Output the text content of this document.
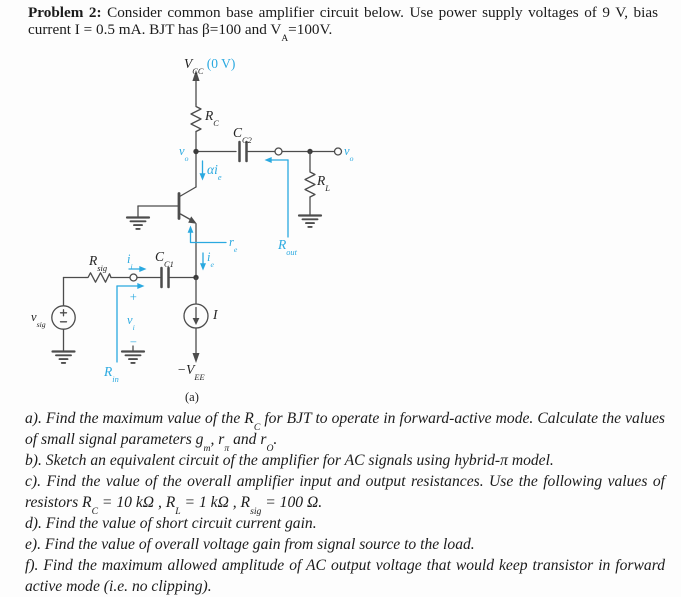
Problem 2: Consider common base amplifier circuit below. Use power supply voltages of 9 V, bias current I = 0.5 mA. BJT has β=100 and $V_A=100V$.
$V_{CC}$ (0 V)
$R_C$
$C_{C2}$
$v_o$
$v_o$
$\alpha i_e$	$R_L$
$R_{out}$
$r_e$
$i_e$
$i_i$
$C_{C1}$
$R_{sig}$
$v_{sig}$
+
$v_i$
−
$R_{in}$
I
$-V_{EE}$
(a)
a). Find the maximum value of the $R_C$ for BJT to operate in forward-active mode. Calculate the values of small signal parameters $g_m$, $r_\pi$ and $r_O$.
b). Sketch an equivalent circuit of the amplifier for AC signals using hybrid-π model.
c). Find the value of the overall amplifier input and output resistances. Use the following values of resistors $R_C = 10$ kΩ , $R_L = 1$ kΩ , $R_{sig} = 100$ Ω.
d). Find the value of short circuit current gain.
e). Find the value of overall voltage gain from signal source to the load.
f). Find the maximum allowed amplitude of AC output voltage that would keep transistor in forward active mode (i.e. no clipping).
